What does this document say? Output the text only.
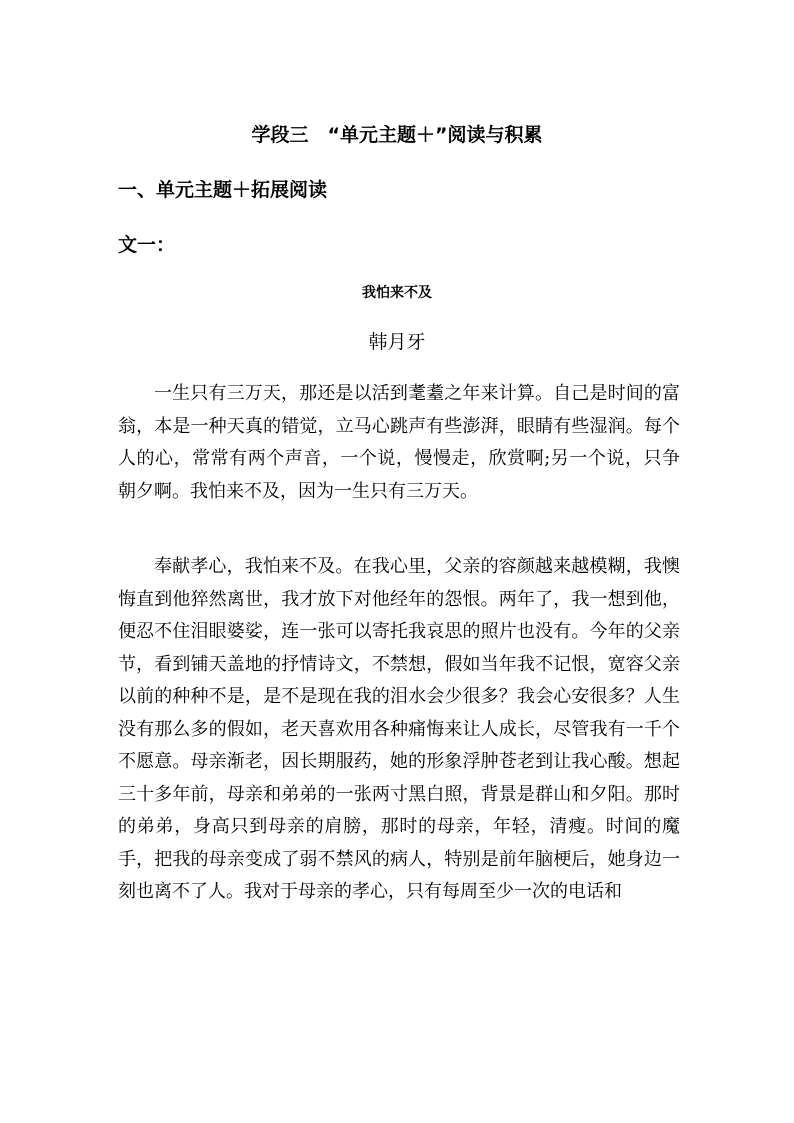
学段三　“单元主题＋”阅读与积累
一、单元主题＋拓展阅读
文一：
我怕来不及
韩月牙

一生只有三万天，那还是以活到耄耋之年来计算。自己是时间的富翁，本是一种天真的错觉，立马心跳声有些澎湃，眼睛有些湿润。每个人的心，常常有两个声音，一个说，慢慢走，欣赏啊;另一个说，只争朝夕啊。我怕来不及，因为一生只有三万天。

奉献孝心，我怕来不及。在我心里，父亲的容颜越来越模糊，我懊悔直到他猝然离世，我才放下对他经年的怨恨。两年了，我一想到他，便忍不住泪眼婆娑，连一张可以寄托我哀思的照片也没有。今年的父亲节，看到铺天盖地的抒情诗文，不禁想，假如当年我不记恨，宽容父亲以前的种种不是，是不是现在我的泪水会少很多？我会心安很多？人生没有那么多的假如，老天喜欢用各种痛悔来让人成长，尽管我有一千个不愿意。母亲渐老，因长期服药，她的形象浮肿苍老到让我心酸。想起三十多年前，母亲和弟弟的一张两寸黑白照，背景是群山和夕阳。那时的弟弟，身高只到母亲的肩膀，那时的母亲，年轻，清瘦。时间的魔手，把我的母亲变成了弱不禁风的病人，特别是前年脑梗后，她身边一刻也离不了人。我对于母亲的孝心，只有每周至少一次的电话和
